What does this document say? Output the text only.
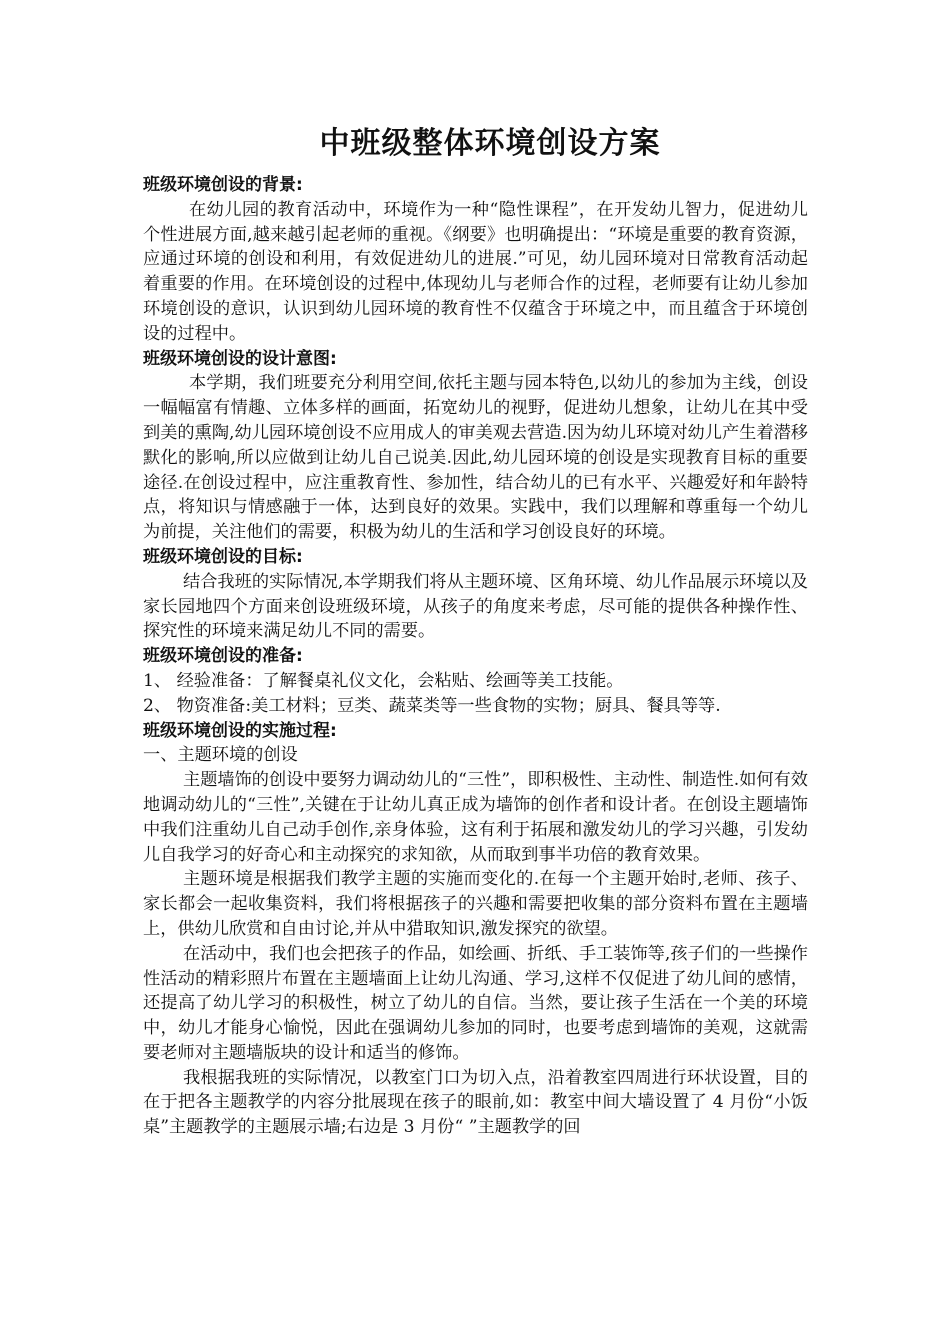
中班级整体环境创设方案
班级环境创设的背景:
在幼儿园的教育活动中，环境作为一种“隐性课程”，在开发幼儿智力，促进幼儿个性进展方面,越来越引起老师的重视。《纲要》也明确提出：“环境是重要的教育资源，应通过环境的创设和利用，有效促进幼儿的进展.”可见，幼儿园环境对日常教育活动起着重要的作用。在环境创设的过程中,体现幼儿与老师合作的过程，老师要有让幼儿参加环境创设的意识，认识到幼儿园环境的教育性不仅蕴含于环境之中，而且蕴含于环境创设的过程中。
班级环境创设的设计意图:
本学期，我们班要充分利用空间,依托主题与园本特色,以幼儿的参加为主线，创设一幅幅富有情趣、立体多样的画面，拓宽幼儿的视野，促进幼儿想象，让幼儿在其中受到美的熏陶,幼儿园环境创设不应用成人的审美观去营造.因为幼儿环境对幼儿产生着潜移默化的影响,所以应做到让幼儿自己说美.因此,幼儿园环境的创设是实现教育目标的重要途径.在创设过程中，应注重教育性、参加性，结合幼儿的已有水平、兴趣爱好和年龄特点，将知识与情感融于一体，达到良好的效果。实践中，我们以理解和尊重每一个幼儿为前提，关注他们的需要，积极为幼儿的生活和学习创设良好的环境。
班级环境创设的目标:
结合我班的实际情况,本学期我们将从主题环境、区角环境、幼儿作品展示环境以及家长园地四个方面来创设班级环境，从孩子的角度来考虑，尽可能的提供各种操作性、探究性的环境来满足幼儿不同的需要。
班级环境创设的准备:
1、 经验准备：了解餐桌礼仪文化，会粘贴、绘画等美工技能。
2、 物资准备:美工材料；豆类、蔬菜类等一些食物的实物；厨具、餐具等等.
班级环境创设的实施过程:
一、主题环境的创设
主题墙饰的创设中要努力调动幼儿的“三性”，即积极性、主动性、制造性.如何有效地调动幼儿的“三性”,关键在于让幼儿真正成为墙饰的创作者和设计者。在创设主题墙饰中我们注重幼儿自己动手创作,亲身体验，这有利于拓展和激发幼儿的学习兴趣，引发幼儿自我学习的好奇心和主动探究的求知欲，从而取到事半功倍的教育效果。
主题环境是根据我们教学主题的实施而变化的.在每一个主题开始时,老师、孩子、家长都会一起收集资料，我们将根据孩子的兴趣和需要把收集的部分资料布置在主题墙上，供幼儿欣赏和自由讨论,并从中猎取知识,激发探究的欲望。
在活动中，我们也会把孩子的作品，如绘画、折纸、手工装饰等,孩子们的一些操作性活动的精彩照片布置在主题墙面上让幼儿沟通、学习,这样不仅促进了幼儿间的感情，还提高了幼儿学习的积极性，树立了幼儿的自信。当然，要让孩子生活在一个美的环境中，幼儿才能身心愉悦，因此在强调幼儿参加的同时，也要考虑到墙饰的美观，这就需要老师对主题墙版块的设计和适当的修饰。
我根据我班的实际情况，以教室门口为切入点，沿着教室四周进行环状设置，目的在于把各主题教学的内容分批展现在孩子的眼前,如：教室中间大墙设置了 4 月份“小饭桌”主题教学的主题展示墙;右边是 3 月份“ ”主题教学的回
